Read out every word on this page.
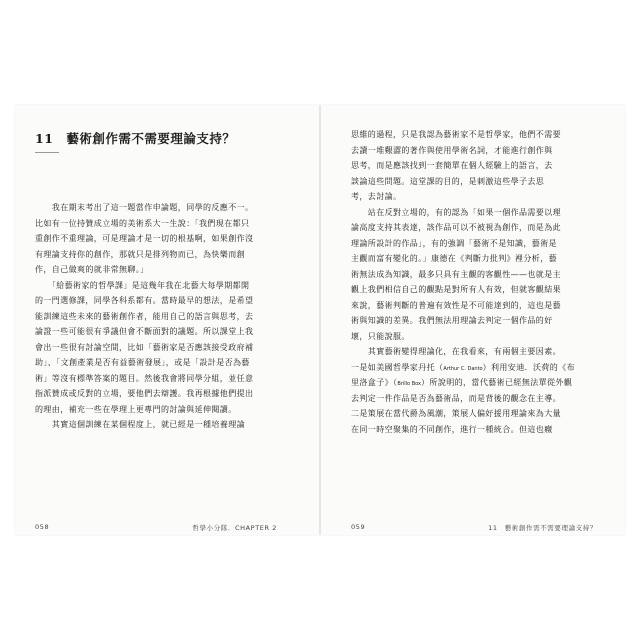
11　藝術創作需不需要理論支持？
　　我在期末考出了這一題當作申論題，同學的反應不一。
比如有一位持贊成立場的美術系大一生說：「我們現在都只
重創作不重理論，可是理論才是一切的根基啊，如果創作沒
有理論支持你的創作，那就只是排列物而已，為快樂而創
作，自己做爽的就非常無聊。」
　　「給藝術家的哲學課」是這幾年我在北藝大每學期都開
的一門選修課，同學各科系都有。當時最早的想法，是希望
能訓練這些未來的藝術創作者，能用自己的語言與思考，去
論證一些可能很有爭議但會不斷面對的議題。所以課堂上我
會出一些很有討論空間，比如「藝術家是否應該接受政府補
助」、「文創產業是否有益藝術發展」，或是「設計是否為藝
術」等沒有標準答案的題目。然後我會將同學分組，並任意
指派贊成或反對的立場，要他們去辯護。我再根據他們提出
的理由，補充一些在學理上更專門的討論與延伸閱讀。
　　其實這個訓練在某個程度上，就已經是一種培養理論
058	哲學小分隊．CHAPTER 2
思維的過程，只是我認為藝術家不是哲學家，他們不需要
去讀一堆艱澀的著作與使用學術名詞，才能進行創作與
思考，而是應該找到一套簡單在個人經驗上的語言，去
談論這些問題。這堂課的目的，是刺激這些學子去思
考，去討論。
　　站在反對立場的，有的認為「如果一個作品需要以理
論高度支持其表達，該作品可以不被視為創作，而是為此
理論所設計的作品」，有的強調「藝術不是知識，藝術是
主觀而富有變化的。」康德在《判斷力批判》裡分析，藝
術無法成為知識，最多只具有主觀的客觀性——也就是主
觀上我們相信自己的觀點是對所有人有效，但就客觀結果
來說，藝術判斷的普遍有效性是不可能達到的，這也是藝
術與知識的差異。我們無法用理論去判定一個作品的好
壞，只能說服。
　　其實藝術變得理論化，在我看來，有兩個主要因素。
一是如美國哲學家丹托（Arthur C. Danto）利用安迪．沃荷的《布
里洛盒子》（Brillo Box）所說明的，當代藝術已經無法單從外觀
去判定一件作品是否為藝術品，而是背後的觀念在主導。
二是策展在當代爵為風潮，策展人偏好援用理論來為大量
在同一時空聚集的不同創作，進行一種統合。但這也癥
059	11　藝術創作需不需要理論支持？
